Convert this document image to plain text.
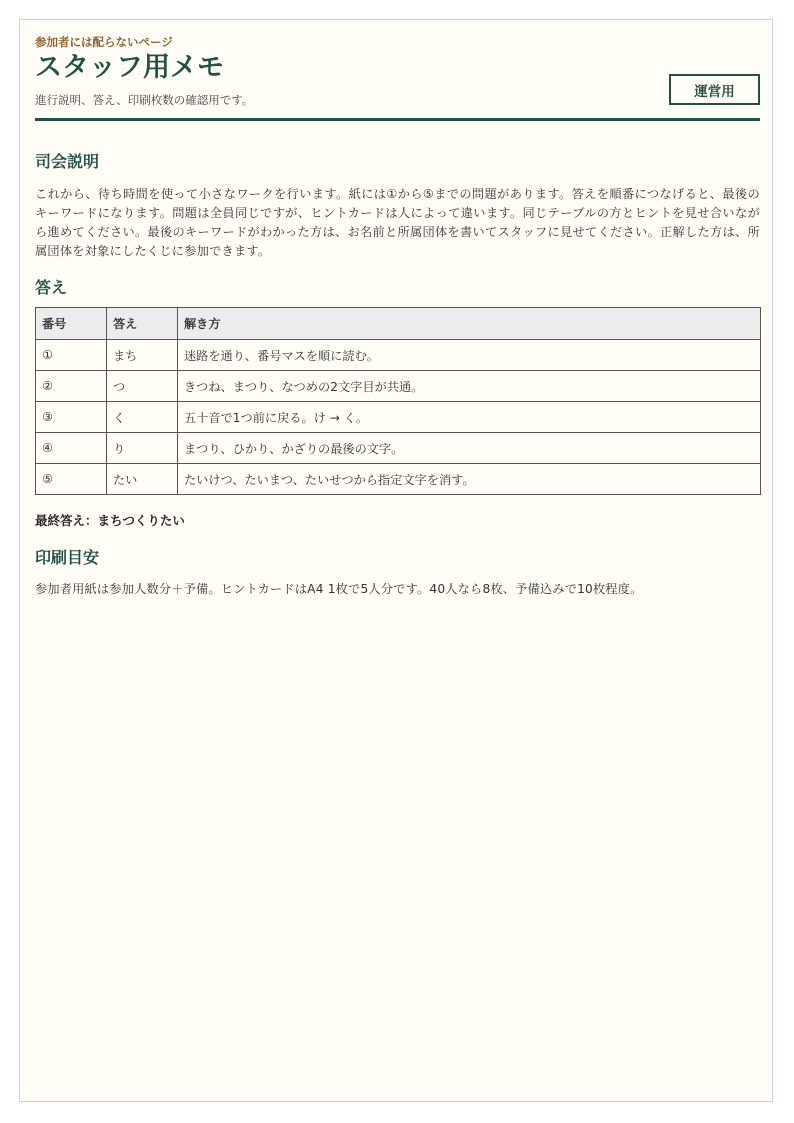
参加者には配らないページ
スタッフ用メモ
進行説明、答え、印刷枚数の確認用です。
運営用
司会説明

これから、待ち時間を使って小さなワークを行います。紙には①から⑤までの問題があります。答えを順番につなげると、最後のキーワードになります。問題は全員同じですが、ヒントカードは人によって違います。同じテーブルの方とヒントを見せ合いながら進めてください。最後のキーワードがわかった方は、お名前と所属団体を書いてスタッフに見せてください。正解した方は、所属団体を対象にしたくじに参加できます。

答え
番号	答え	解き方
①	まち	迷路を通り、番号マスを順に読む。
②	つ	きつね、まつり、なつめの2文字目が共通。
③	く	五十音で1つ前に戻る。け → く。
④	り	まつり、ひかり、かざりの最後の文字。
⑤	たい	たいけつ、たいまつ、たいせつから指定文字を消す。
最終答え：まちつくりたい
印刷目安

参加者用紙は参加人数分＋予備。ヒントカードはA4 1枚で5人分です。40人なら8枚、予備込みで10枚程度。
